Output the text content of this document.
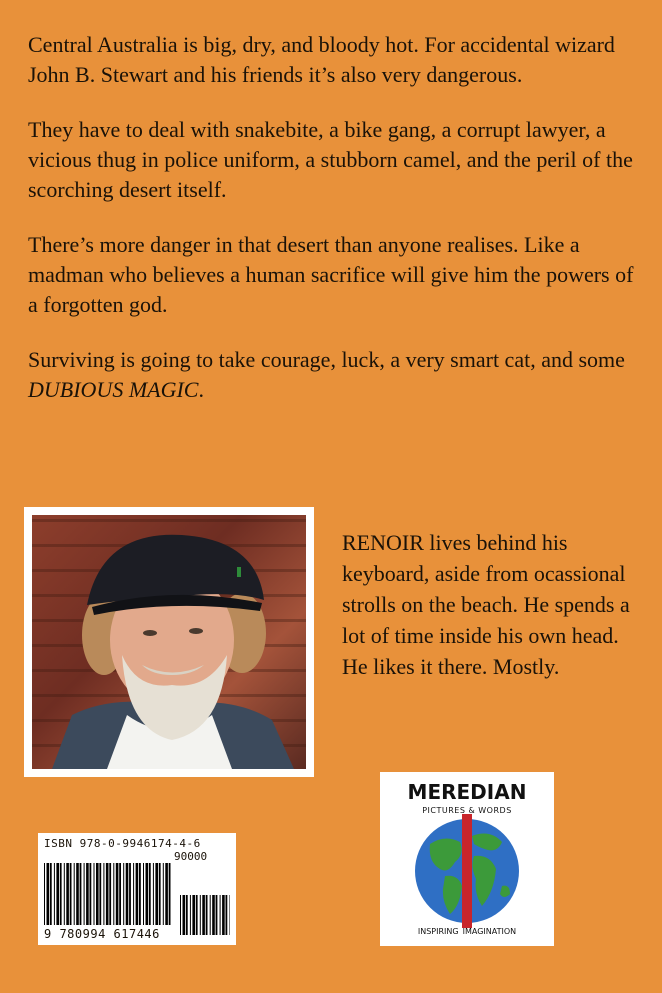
Central Australia is big, dry, and bloody hot. For accidental wizard John B. Stewart and his friends it’s also very dangerous.

They have to deal with snakebite, a bike gang, a corrupt lawyer, a vicious thug in police uniform, a stubborn camel, and the peril of the scorching desert itself.

There’s more danger in that desert than anyone realises. Like a madman who believes a human sacrifice will give him the powers of a forgotten god.

Surviving is going to take courage, luck, a very smart cat, and some DUBIOUS MAGIC.

RENOIR lives behind his keyboard, aside from ocassional strolls on the beach. He spends a lot of time inside his own head. He likes it there. Mostly.
ISBN 978-0-9946174-4-6
90000
9 780994 617446
MEREDIAN
PICTURES & WORDS
INSPIRING IMAGINATION
